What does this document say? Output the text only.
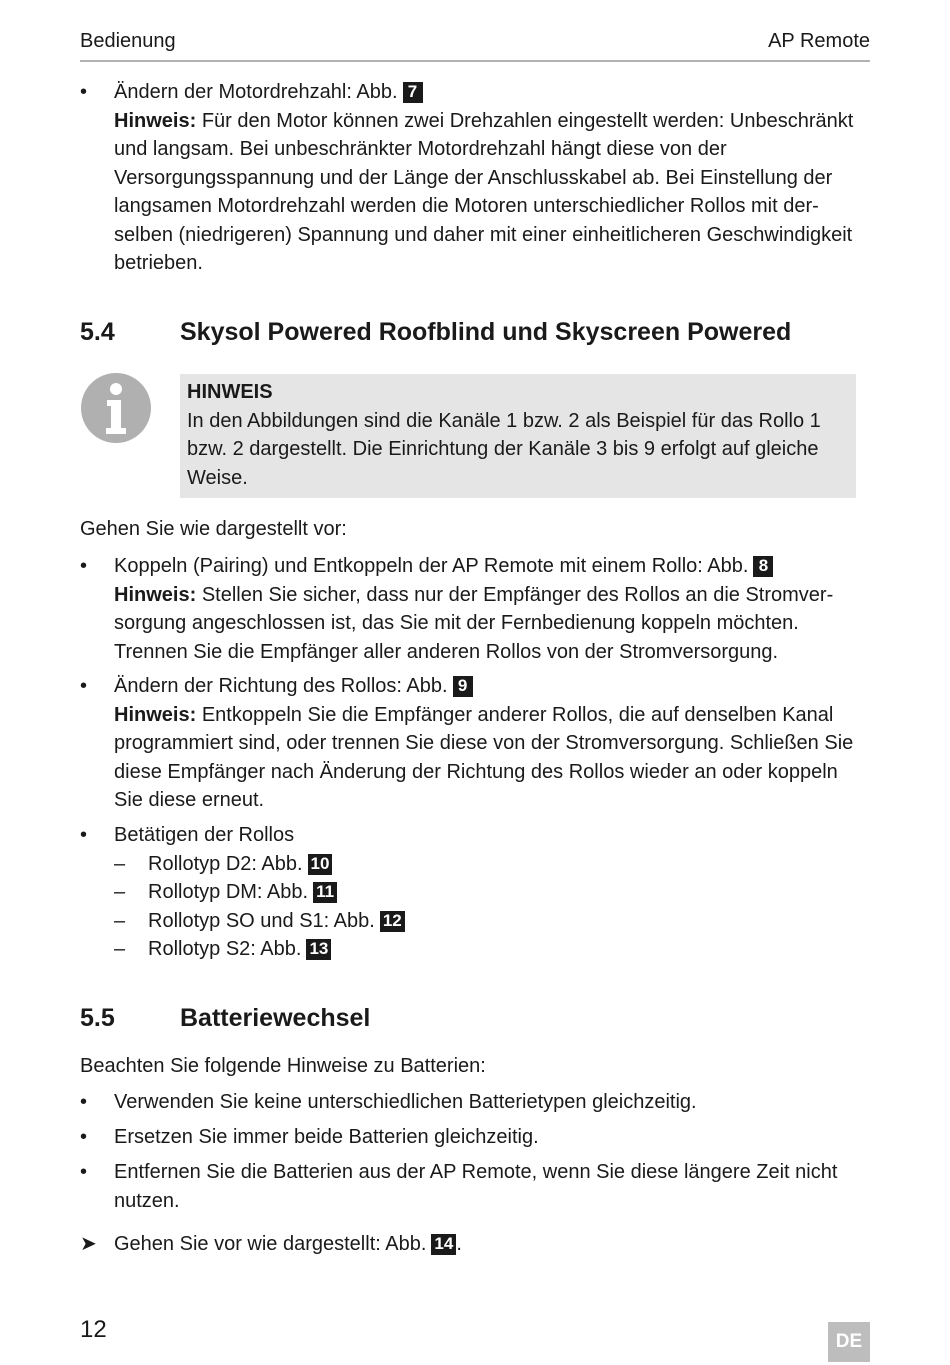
Bedienung	AP Remote
• Ändern der Motordrehzahl: Abb. 7
Hinweis: Für den Motor können zwei Drehzahlen eingestellt werden: Unbeschränkt und langsam. Bei unbeschränkter Motordrehzahl hängt diese von der Versorgungsspannung und der Länge der Anschlusskabel ab. Bei Einstellung der langsamen Motordrehzahl werden die Motoren unterschiedlicher Rollos mit derselben (niedrigeren) Spannung und daher mit einer einheitlicheren Geschwindigkeit betrieben.
5.4	Skysol Powered Roofblind und Skyscreen Powered
HINWEIS
In den Abbildungen sind die Kanäle 1 bzw. 2 als Beispiel für das Rollo 1 bzw. 2 dargestellt. Die Einrichtung der Kanäle 3 bis 9 erfolgt auf gleiche Weise.

Gehen Sie wie dargestellt vor:

• Koppeln (Pairing) und Entkoppeln der AP Remote mit einem Rollo: Abb. 8
Hinweis: Stellen Sie sicher, dass nur der Empfänger des Rollos an die Stromversorgung angeschlossen ist, das Sie mit der Fernbedienung koppeln möchten. Trennen Sie die Empfänger aller anderen Rollos von der Stromversorgung.
• Ändern der Richtung des Rollos: Abb. 9
Hinweis: Entkoppeln Sie die Empfänger anderer Rollos, die auf denselben Kanal programmiert sind, oder trennen Sie diese von der Stromversorgung. Schließen Sie diese Empfänger nach Änderung der Richtung des Rollos wieder an oder koppeln Sie diese erneut.
• Betätigen der Rollos
– Rollotyp D2: Abb. 10
– Rollotyp DM: Abb. 11
– Rollotyp SO und S1: Abb. 12
– Rollotyp S2: Abb. 13
5.5	Batteriewechsel

Beachten Sie folgende Hinweise zu Batterien:

• Verwenden Sie keine unterschiedlichen Batterietypen gleichzeitig.
• Ersetzen Sie immer beide Batterien gleichzeitig.
• Entfernen Sie die Batterien aus der AP Remote, wenn Sie diese längere Zeit nicht nutzen.
➤ Gehen Sie vor wie dargestellt: Abb. 14 .
12	DE
